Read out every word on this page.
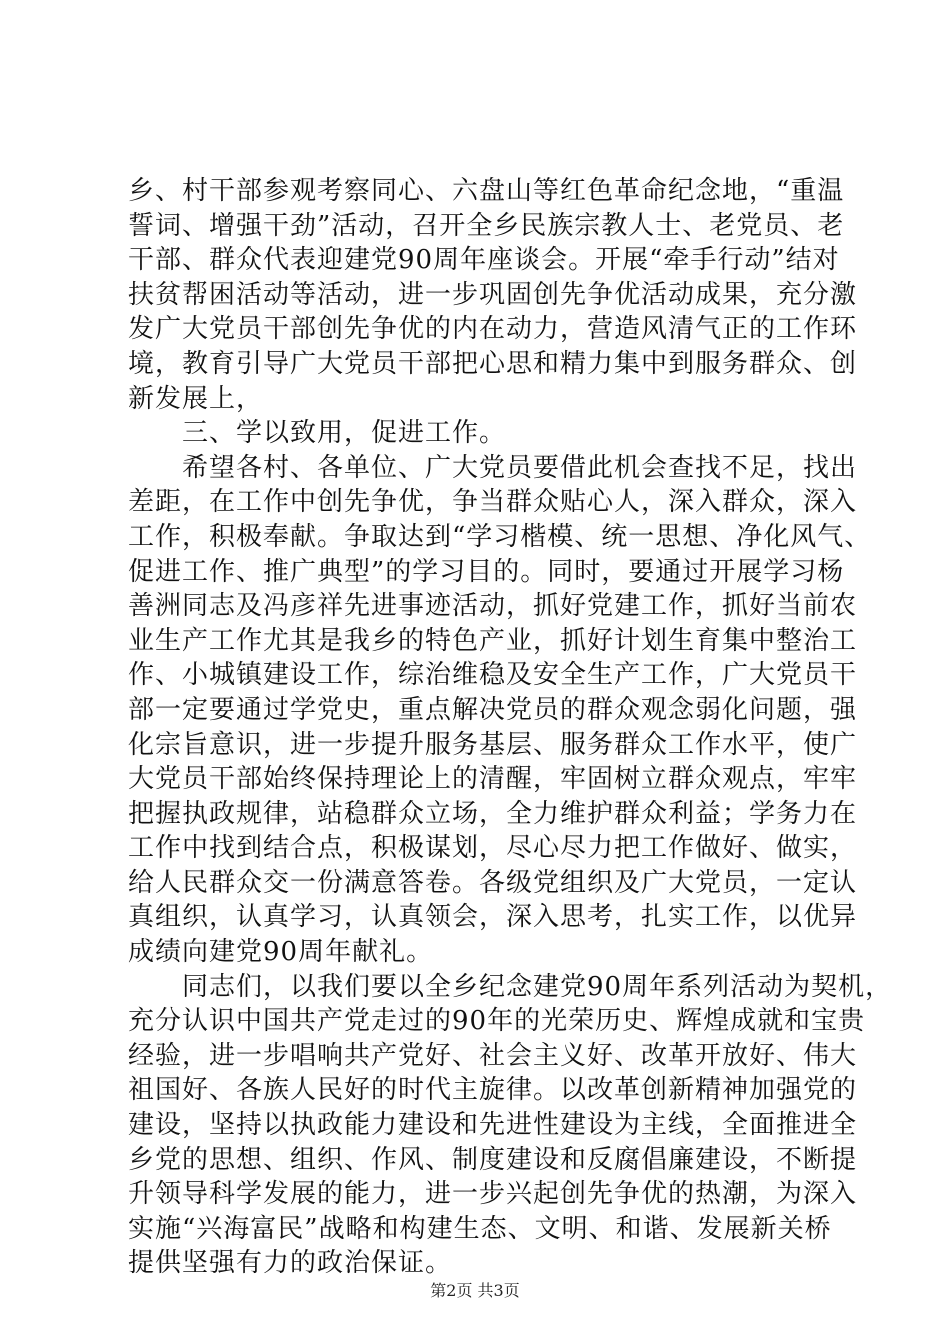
乡、村干部参观考察同心、六盘山等红色革命纪念地，“重温
誓词、增强干劲”活动，召开全乡民族宗教人士、老党员、老
干部、群众代表迎建党90周年座谈会。开展“牵手行动”结对
扶贫帮困活动等活动，进一步巩固创先争优活动成果，充分激
发广大党员干部创先争优的内在动力，营造风清气正的工作环
境，教育引导广大党员干部把心思和精力集中到服务群众、创
新发展上，
　　三、学以致用，促进工作。
　　希望各村、各单位、广大党员要借此机会查找不足，找出
差距，在工作中创先争优，争当群众贴心人，深入群众，深入
工作，积极奉献。争取达到“学习楷模、统一思想、净化风气、
促进工作、推广典型”的学习目的。同时，要通过开展学习杨
善洲同志及冯彦祥先进事迹活动，抓好党建工作，抓好当前农
业生产工作尤其是我乡的特色产业，抓好计划生育集中整治工
作、小城镇建设工作，综治维稳及安全生产工作，广大党员干
部一定要通过学党史，重点解决党员的群众观念弱化问题，强
化宗旨意识，进一步提升服务基层、服务群众工作水平，使广
大党员干部始终保持理论上的清醒，牢固树立群众观点，牢牢
把握执政规律，站稳群众立场，全力维护群众利益；学务力在
工作中找到结合点，积极谋划，尽心尽力把工作做好、做实，
给人民群众交一份满意答卷。各级党组织及广大党员，一定认
真组织，认真学习，认真领会，深入思考，扎实工作，以优异
成绩向建党90周年献礼。
　　同志们，以我们要以全乡纪念建党90周年系列活动为契机，
充分认识中国共产党走过的90年的光荣历史、辉煌成就和宝贵
经验，进一步唱响共产党好、社会主义好、改革开放好、伟大
祖国好、各族人民好的时代主旋律。以改革创新精神加强党的
建设，坚持以执政能力建设和先进性建设为主线，全面推进全
乡党的思想、组织、作风、制度建设和反腐倡廉建设，不断提
升领导科学发展的能力，进一步兴起创先争优的热潮，为深入
实施“兴海富民”战略和构建生态、文明、和谐、发展新关桥
提供坚强有力的政治保证。
第2页 共3页
